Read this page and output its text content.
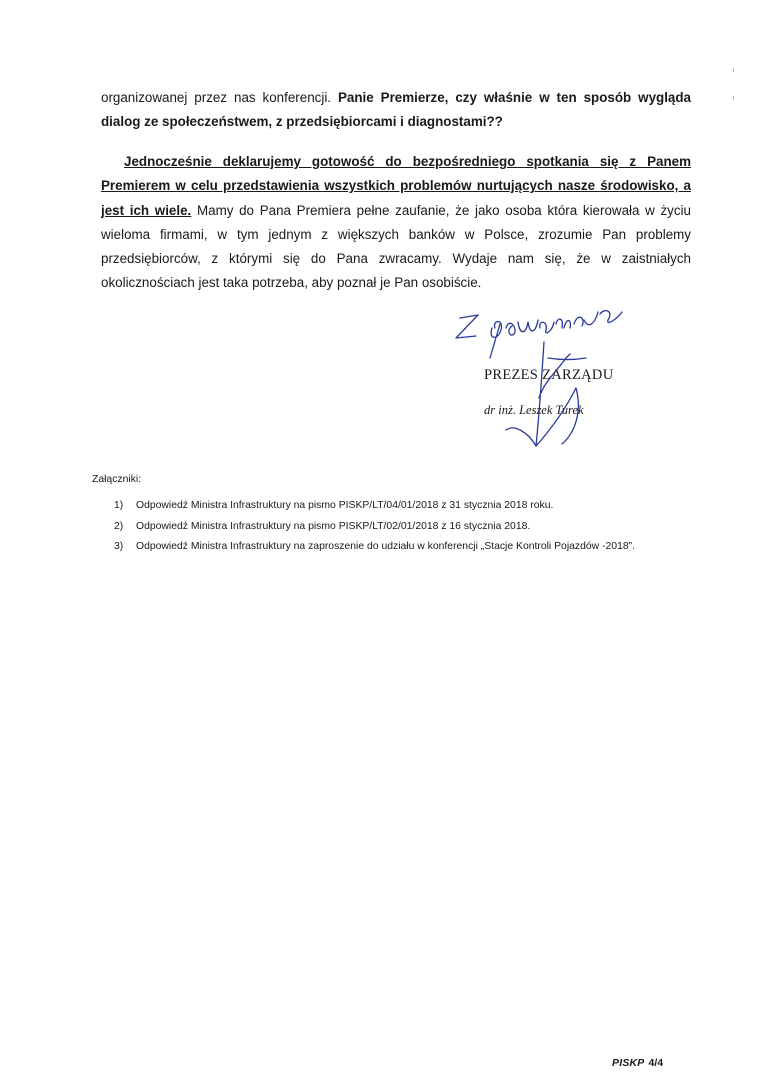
organizowanej przez nas konferencji. Panie Premierze, czy właśnie w ten sposób wygląda dialog ze społeczeństwem, z przedsiębiorcami i diagnostami??

Jednocześnie deklarujemy gotowość do bezpośredniego spotkania się z Panem Premierem w celu przedstawienia wszystkich problemów nurtujących nasze środowisko, a jest ich wiele. Mamy do Pana Premiera pełne zaufanie, że jako osoba która kierowała w życiu wieloma firmami, w tym jednym z większych banków w Polsce, zrozumie Pan problemy przedsiębiorców, z którymi się do Pana zwracamy. Wydaje nam się, że w zaistniałych okolicznościach jest taka potrzeba, aby poznał je Pan osobiście.

PREZES ZARZĄDU

dr inż. Leszek Turek

Załączniki:

1) Odpowiedź Ministra Infrastruktury na pismo PISKP/LT/04/01/2018 z 31 stycznia 2018 roku.
2) Odpowiedź Ministra Infrastruktury na pismo PISKP/LT/02/01/2018 z 16 stycznia 2018.
3) Odpowiedź Ministra Infrastruktury na zaproszenie do udziału w konferencji „Stacje Kontroli Pojazdów -2018”.

PISKP 4/4
